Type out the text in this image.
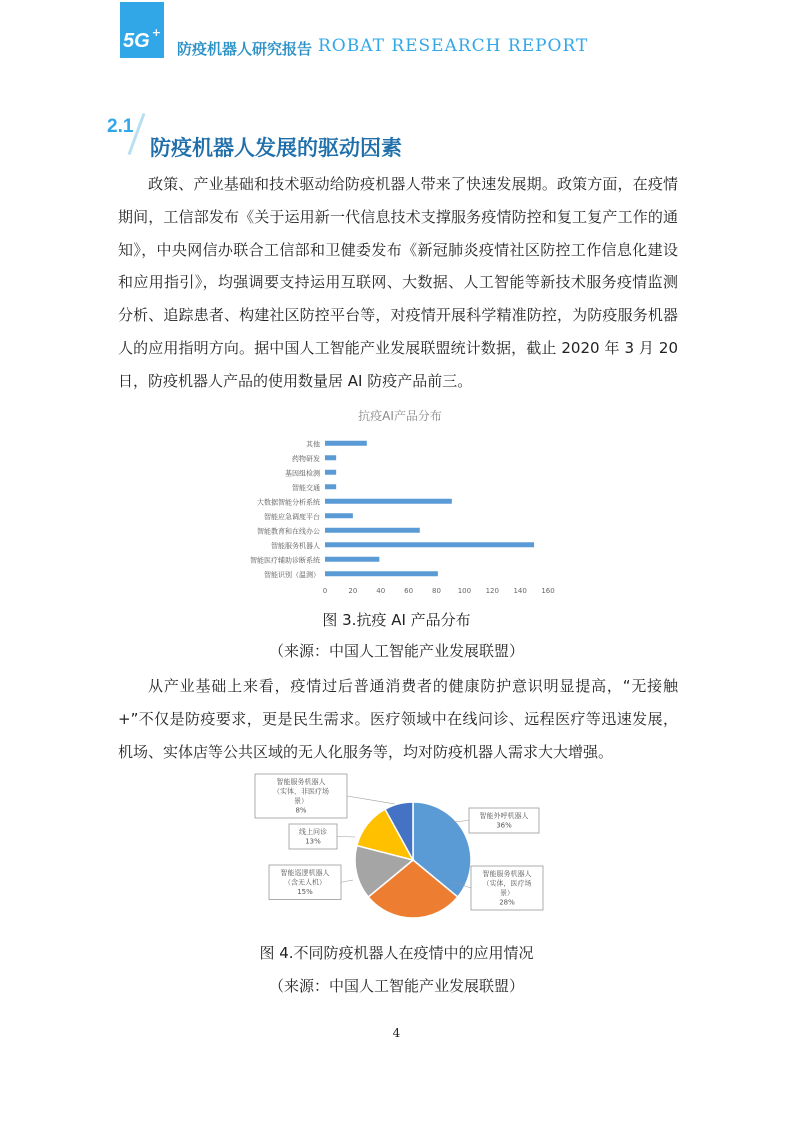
5G +
防疫机器人研究报告 ROBAT RESEARCH REPORT
2.1
防疫机器人发展的驱动因素

政策、产业基础和技术驱动给防疫机器人带来了快速发展期。政策方面，在疫情期间，工信部发布《关于运用新一代信息技术支撑服务疫情防控和复工复产工作的通知》，中央网信办联合工信部和卫健委发布《新冠肺炎疫情社区防控工作信息化建设和应用指引》，均强调要支持运用互联网、大数据、人工智能等新技术服务疫情监测分析、追踪患者、构建社区防控平台等，对疫情开展科学精准防控，为防疫服务机器人的应用指明方向。据中国人工智能产业发展联盟统计数据，截止 2020 年 3 月 20 日，防疫机器人产品的使用数量居 AI 防疫产品前三。

抗疫AI产品分布
其他
药物研发
基因组检测
智能交通
大数据智能分析系统
智能应急调度平台
智能教育和在线办公
智能服务机器人
智能医疗辅助诊断系统
智能识别（温测）
0	20	40	60	80 100 120 140 160
图 3.抗疫 AI 产品分布
（来源：中国人工智能产业发展联盟）

从产业基础上来看，疫情过后普通消费者的健康防护意识明显提高，“无接触+”不仅是防疫要求，更是民生需求。医疗领域中在线问诊、远程医疗等迅速发展，机场、实体店等公共区域的无人化服务等，均对防疫机器人需求大大增强。

智能外呼机器人
36%
智能服务机器人
（实体，医疗场
景）
28%
智能巡逻机器人
（含无人机）
15%
线上问诊
13%
智能服务机器人
（实体，非医疗场
景）
8%
图 4.不同防疫机器人在疫情中的应用情况
（来源：中国人工智能产业发展联盟）
4
